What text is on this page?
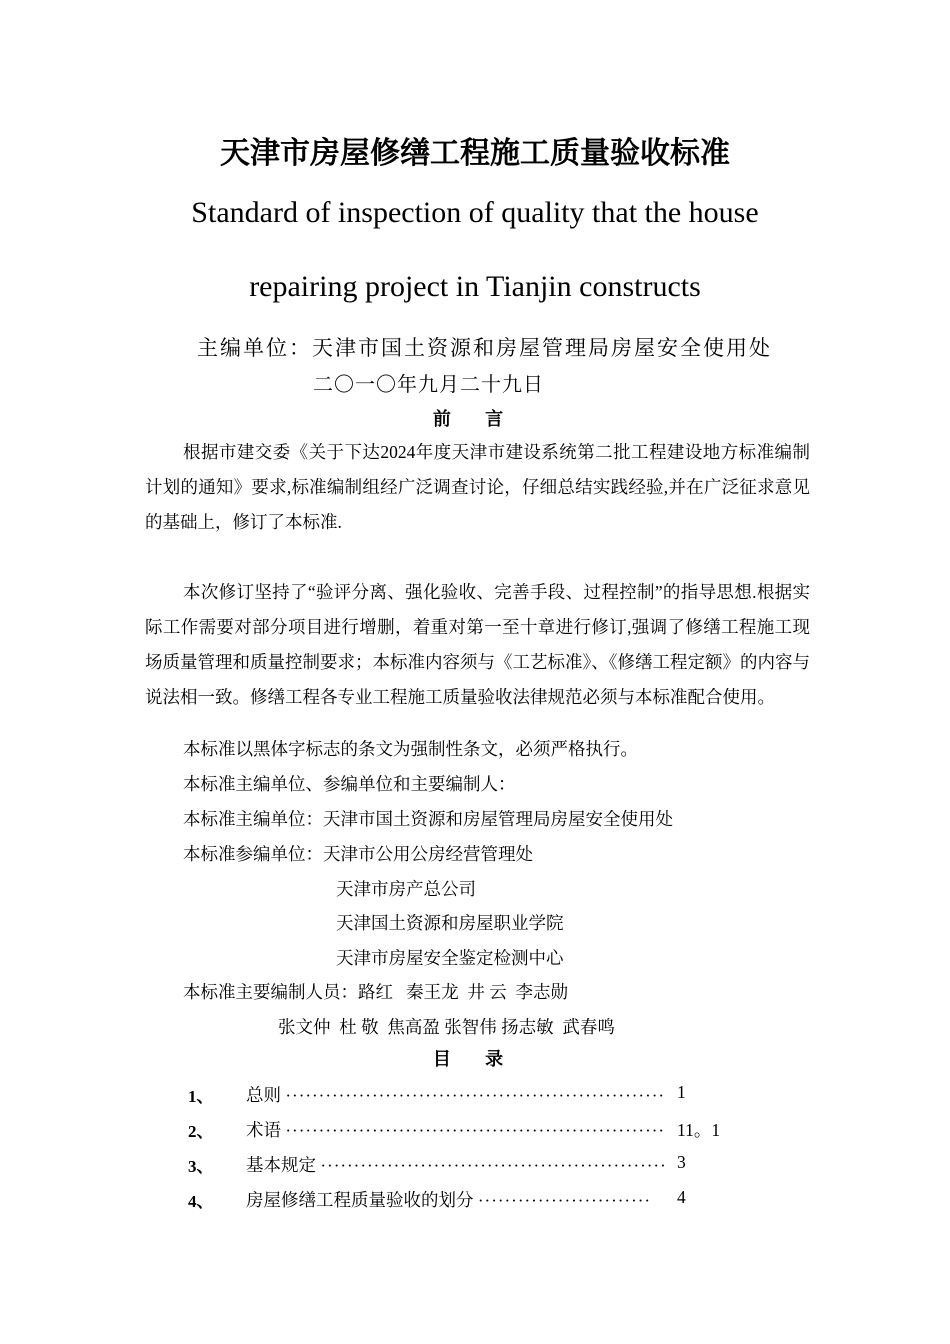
天津市房屋修缮工程施工质量验收标准
Standard of inspection of quality that the house
repairing project in Tianjin constructs
主编单位：天津市国土资源和房屋管理局房屋安全使用处
二〇一〇年九月二十九日
前 言
根据市建交委《关于下达2024年度天津市建设系统第二批工程建设地方标准编制计划的通知》要求,标准编制组经广泛调查讨论，仔细总结实践经验,并在广泛征求意见的基础上，修订了本标准.
本次修订坚持了“验评分离、强化验收、完善手段、过程控制”的指导思想.根据实际工作需要对部分项目进行增删，着重对第一至十章进行修订,强调了修缮工程施工现场质量管理和质量控制要求；本标准内容须与《工艺标准》、《修缮工程定额》的内容与说法相一致。修缮工程各专业工程施工质量验收法律规范必须与本标准配合使用。
本标准以黑体字标志的条文为强制性条文，必须严格执行。
本标准主编单位、参编单位和主要编制人：
本标准主编单位：天津市国土资源和房屋管理局房屋安全使用处
本标准参编单位：天津市公用公房经营管理处
天津市房产总公司
天津国土资源和房屋职业学院
天津市房屋安全鉴定检测中心
本标准主要编制人员：路红   秦王龙  井 云  李志勋
张文仲  杜 敬  焦高盈 张智伟 扬志敏  武春鸣
目 录
1、 总则 ························································· 1
2、 术语 ························································· 11。1
3、 基本规定 ···················································· 3
4、 房屋修缮工程质量验收的划分 ·························· 4
